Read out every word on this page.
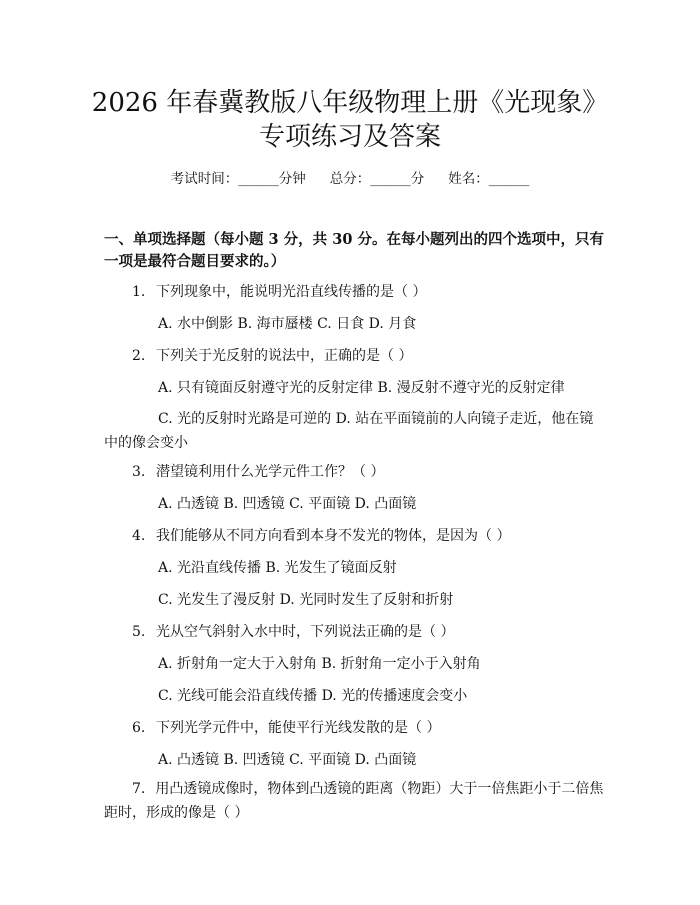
2026 年春冀教版八年级物理上册《光现象》
专项练习及答案
考试时间：______分钟 总分：______分 姓名：______
一、单项选择题（每小题 3 分，共 30 分。在每小题列出的四个选项中，只有一项是最符合题目要求的。）
1. 下列现象中，能说明光沿直线传播的是（ ）
A. 水中倒影 B. 海市蜃楼 C. 日食 D. 月食
2. 下列关于光反射的说法中，正确的是（ ）
A. 只有镜面反射遵守光的反射定律 B. 漫反射不遵守光的反射定律
C. 光的反射时光路是可逆的 D. 站在平面镜前的人向镜子走近，他在镜中的像会变小
3. 潜望镜利用什么光学元件工作？（ ）
A. 凸透镜 B. 凹透镜 C. 平面镜 D. 凸面镜
4. 我们能够从不同方向看到本身不发光的物体，是因为（ ）
A. 光沿直线传播 B. 光发生了镜面反射
C. 光发生了漫反射 D. 光同时发生了反射和折射
5. 光从空气斜射入水中时，下列说法正确的是（ ）
A. 折射角一定大于入射角 B. 折射角一定小于入射角
C. 光线可能会沿直线传播 D. 光的传播速度会变小
6. 下列光学元件中，能使平行光线发散的是（ ）
A. 凸透镜 B. 凹透镜 C. 平面镜 D. 凸面镜
7. 用凸透镜成像时，物体到凸透镜的距离（物距）大于一倍焦距小于二倍焦距时，形成的像是（ ）
